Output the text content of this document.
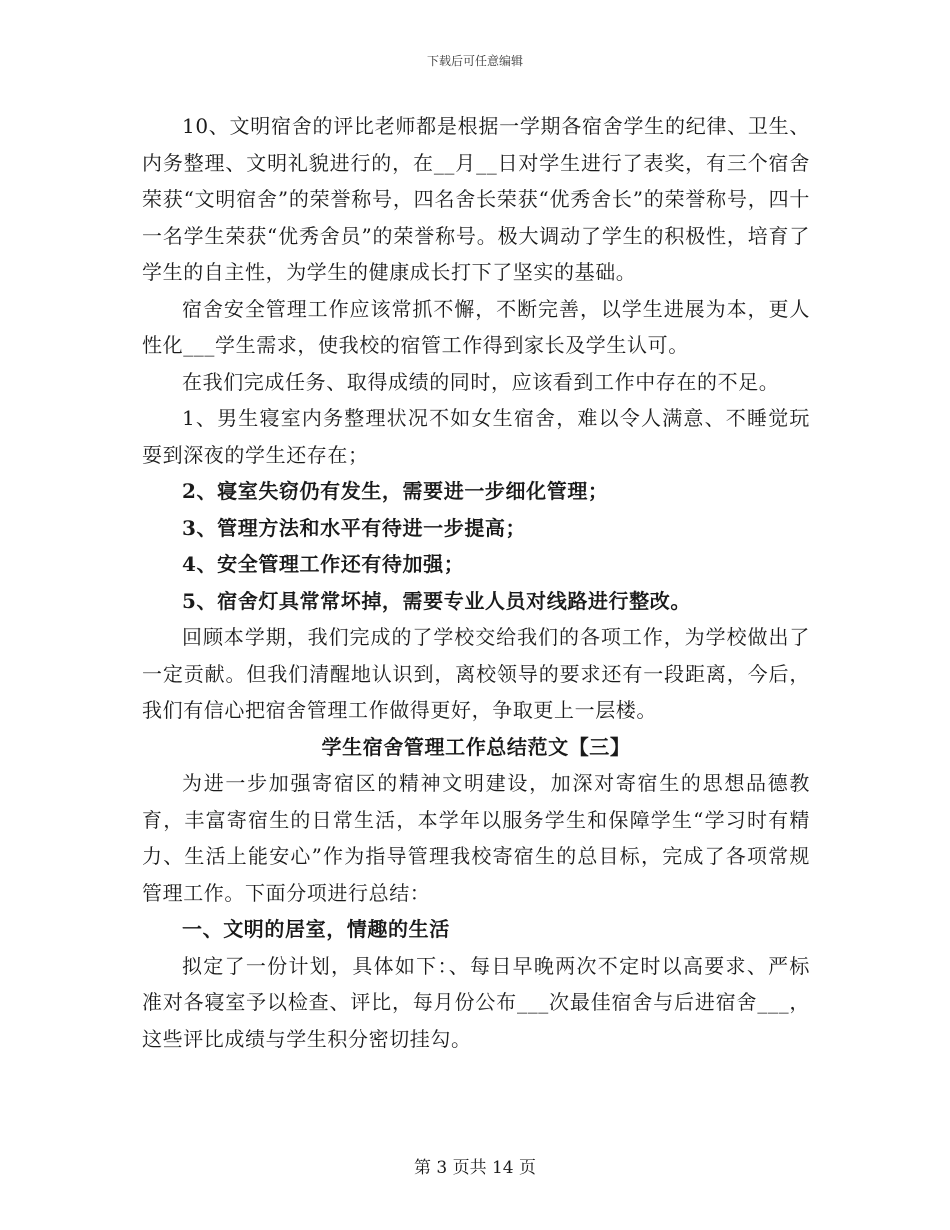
下载后可任意编辑

10、文明宿舍的评比老师都是根据一学期各宿舍学生的纪律、卫生、内务整理、文明礼貌进行的，在__月__日对学生进行了表奖，有三个宿舍荣获“文明宿舍”的荣誉称号，四名舍长荣获“优秀舍长”的荣誉称号，四十一名学生荣获“优秀舍员”的荣誉称号。极大调动了学生的积极性，培育了学生的自主性，为学生的健康成长打下了坚实的基础。

宿舍安全管理工作应该常抓不懈，不断完善，以学生进展为本，更人性化___学生需求，使我校的宿管工作得到家长及学生认可。

在我们完成任务、取得成绩的同时，应该看到工作中存在的不足。

1、男生寝室内务整理状况不如女生宿舍，难以令人满意、不睡觉玩耍到深夜的学生还存在；

2、寝室失窃仍有发生，需要进一步细化管理；

3、管理方法和水平有待进一步提高；

4、安全管理工作还有待加强；

5、宿舍灯具常常坏掉，需要专业人员对线路进行整改。

回顾本学期，我们完成的了学校交给我们的各项工作，为学校做出了一定贡献。但我们清醒地认识到，离校领导的要求还有一段距离，今后，我们有信心把宿舍管理工作做得更好，争取更上一层楼。

学生宿舍管理工作总结范文【三】

为进一步加强寄宿区的精神文明建设，加深对寄宿生的思想品德教育，丰富寄宿生的日常生活，本学年以服务学生和保障学生“学习时有精力、生活上能安心”作为指导管理我校寄宿生的总目标，完成了各项常规管理工作。下面分项进行总结：

一、文明的居室，情趣的生活

拟定了一份计划，具体如下：、每日早晚两次不定时以高要求、严标准对各寝室予以检查、评比，每月份公布___次最佳宿舍与后进宿舍___，这些评比成绩与学生积分密切挂勾。

第 3 页共 14 页
